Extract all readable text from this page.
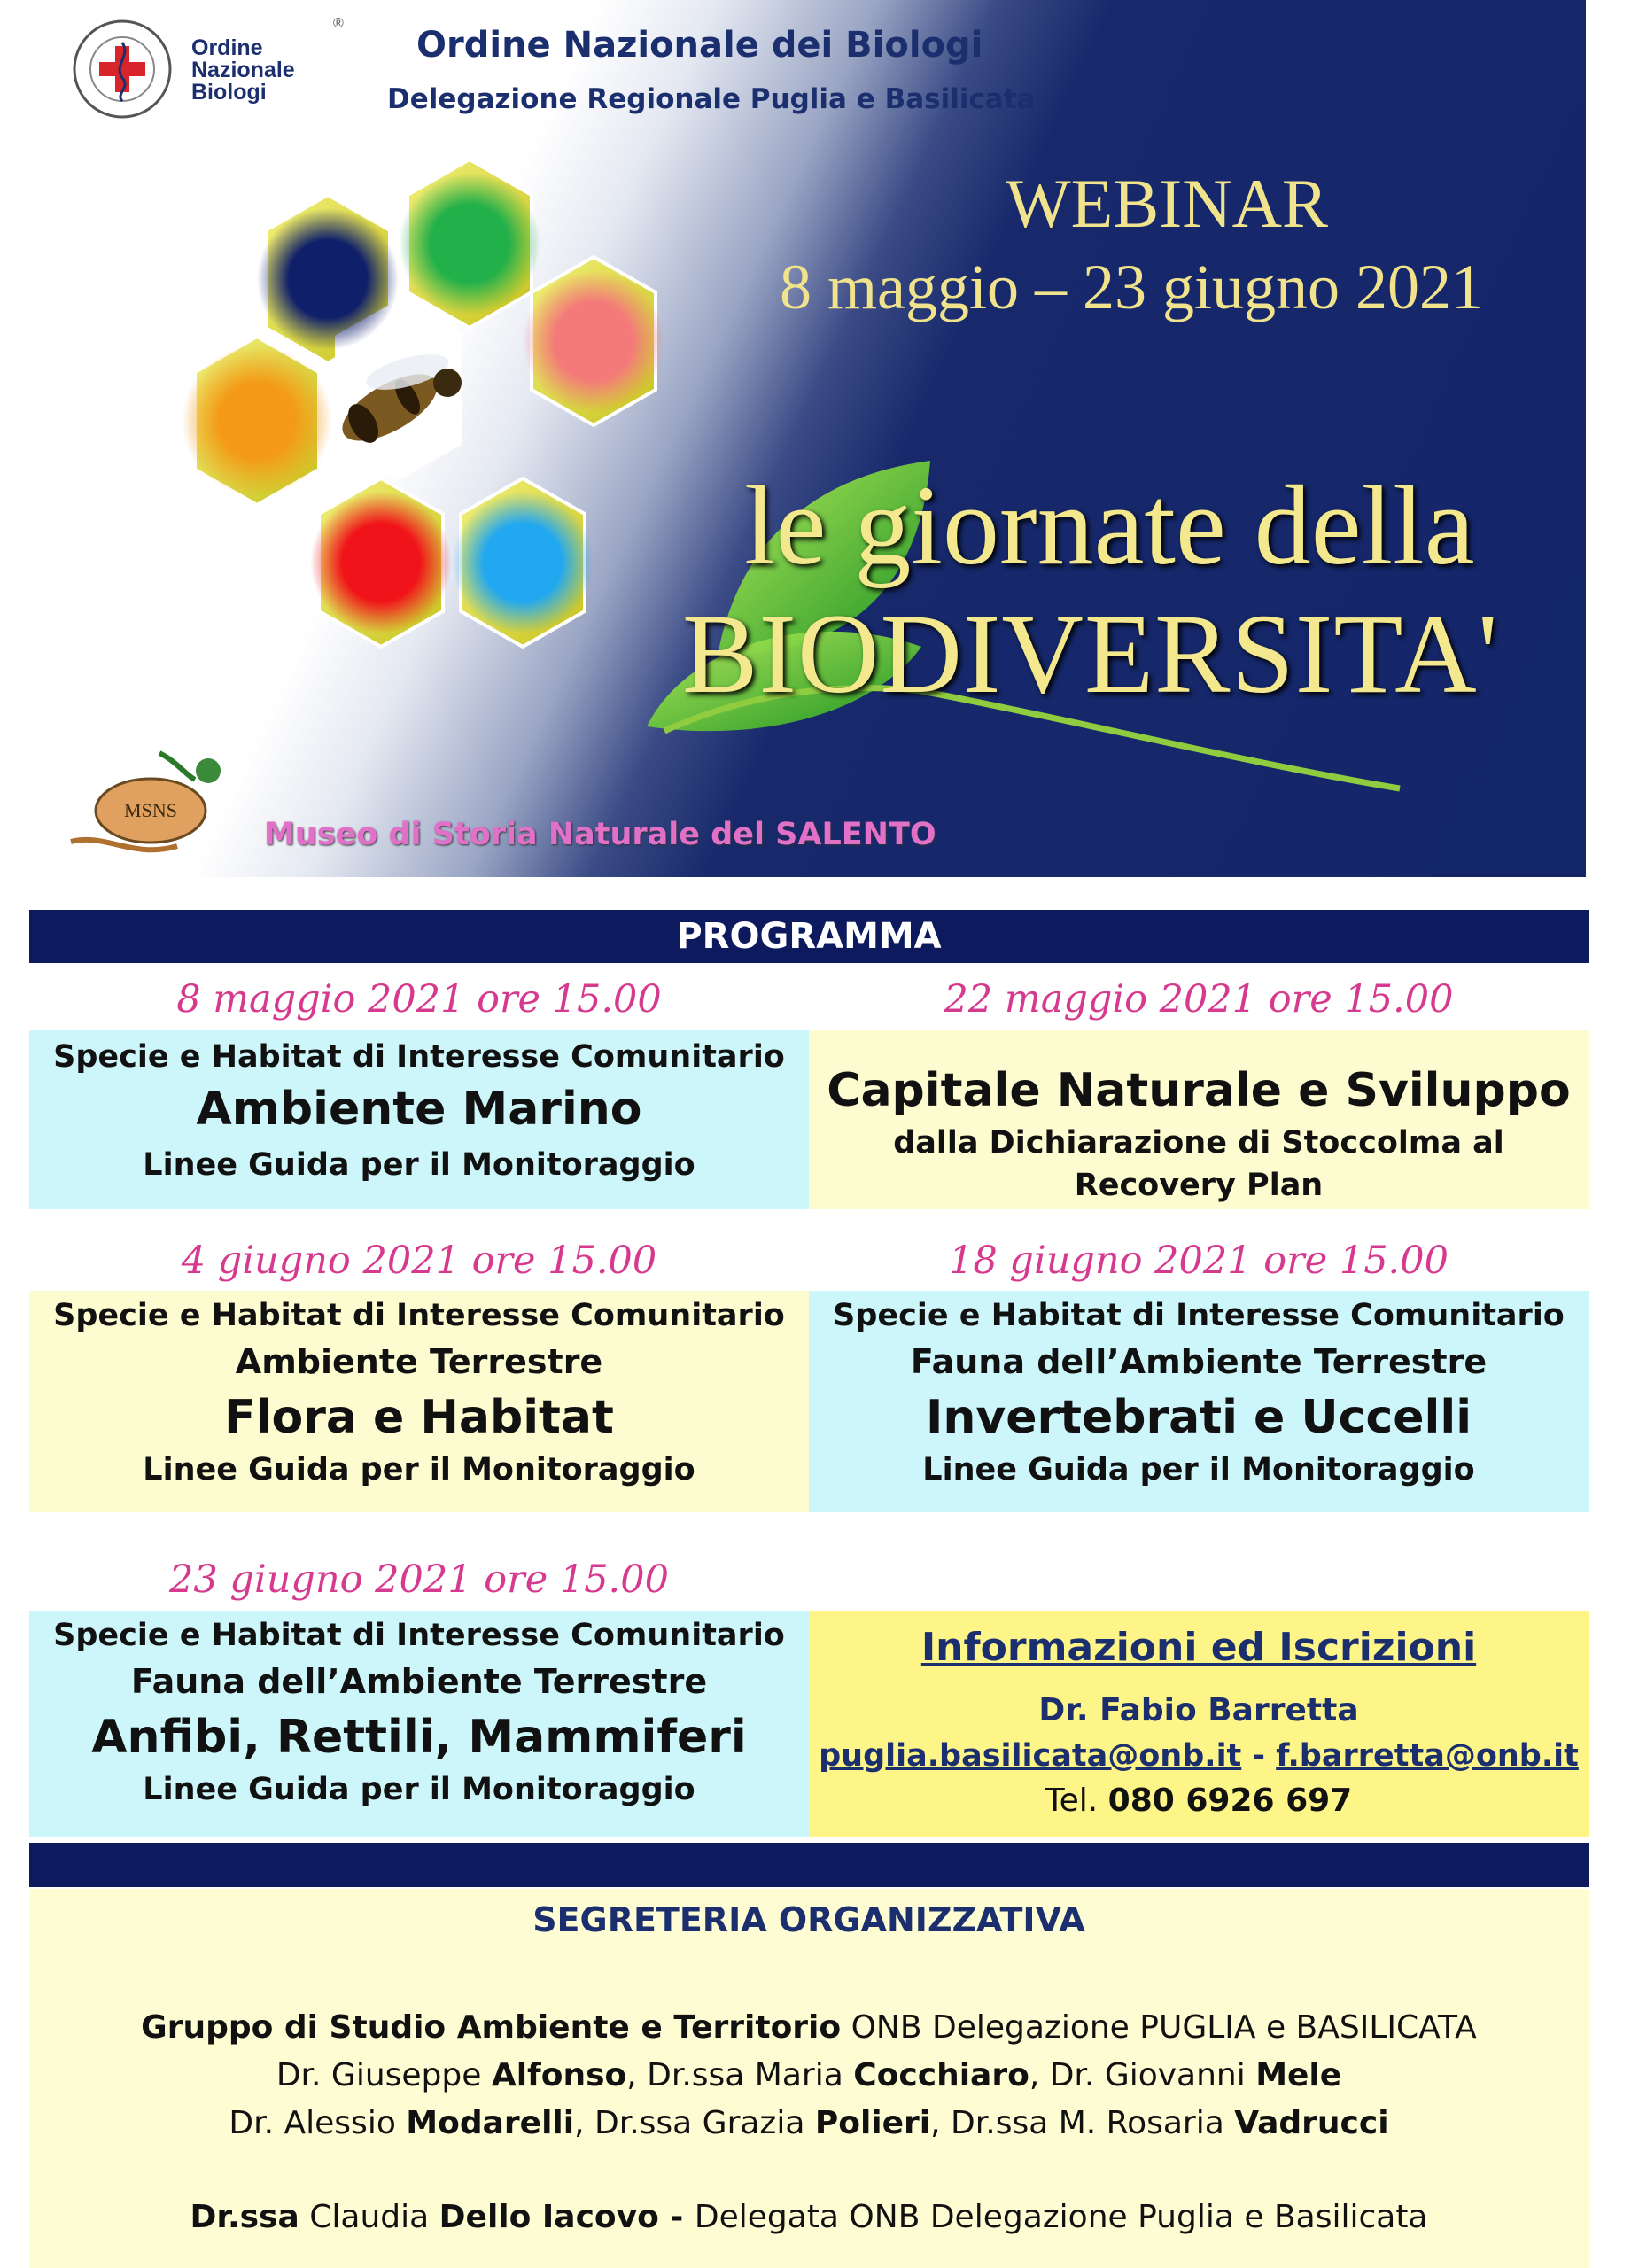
Ordine
Nazionale
Biologi
®
Ordine Nazionale dei Biologi
Delegazione Regionale Puglia e Basilicata
WEBINAR
8 maggio – 23 giugno 2021
le giornate della
BIODIVERSITA'
MSNS
Museo di Storia Naturale del SALENTO
PROGRAMMA
8 maggio 2021 ore 15.00
Specie e Habitat di Interesse Comunitario
Ambiente Marino
Linee Guida per il Monitoraggio
22 maggio 2021 ore 15.00
Capitale Naturale e Sviluppo
dalla Dichiarazione di Stoccolma al Recovery Plan
4 giugno 2021 ore 15.00
Specie e Habitat di Interesse Comunitario
Ambiente Terrestre
Flora e Habitat
Linee Guida per il Monitoraggio
18 giugno 2021 ore 15.00
Specie e Habitat di Interesse Comunitario
Fauna dell’Ambiente Terrestre
Invertebrati e Uccelli
Linee Guida per il Monitoraggio
23 giugno 2021 ore 15.00
Specie e Habitat di Interesse Comunitario
Fauna dell’Ambiente Terrestre
Anfibi, Rettili, Mammiferi
Linee Guida per il Monitoraggio
Informazioni ed Iscrizioni
Dr. Fabio Barretta
puglia.basilicata@onb.it - f.barretta@onb.it
Tel. 080 6926 697
SEGRETERIA ORGANIZZATIVA
Gruppo di Studio Ambiente e Territorio ONB Delegazione PUGLIA e BASILICATA
Dr. Giuseppe Alfonso, Dr.ssa Maria Cocchiaro, Dr. Giovanni Mele
Dr. Alessio Modarelli, Dr.ssa Grazia Polieri, Dr.ssa M. Rosaria Vadrucci
Dr.ssa Claudia Dello Iacovo - Delegata ONB Delegazione Puglia e Basilicata
